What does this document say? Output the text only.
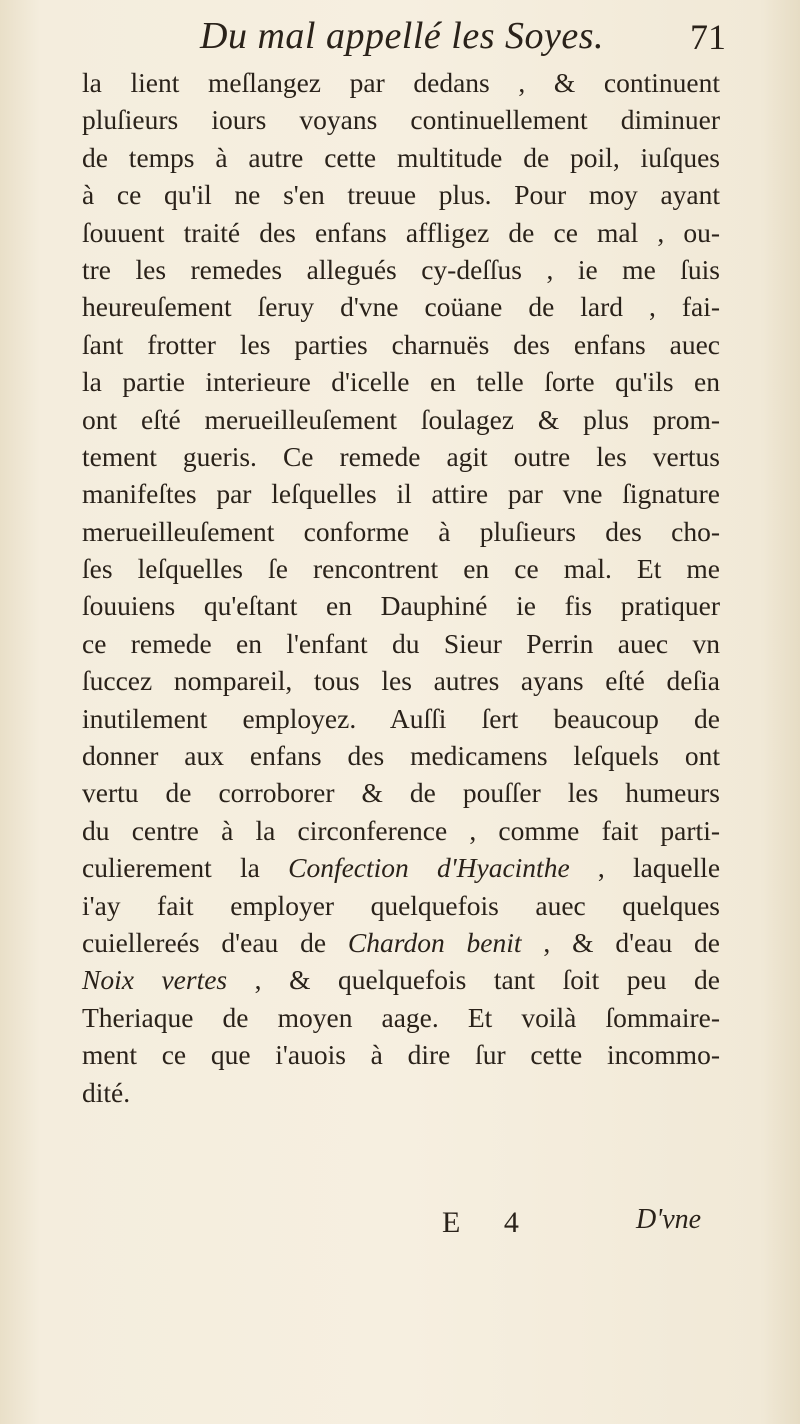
Du mal appellé les Soyes. 71
la lient meſlangez par dedans , & continuent
pluſieurs iours voyans continuellement diminuer
de temps à autre cette multitude de poil, iuſques
à ce qu'il ne s'en treuue plus. Pour moy ayant
ſouuent traité des enfans affligez de ce mal , ou-
tre les remedes allegués cy-deſſus , ie me ſuis
heureuſement ſeruy d'vne coüane de lard , fai-
ſant frotter les parties charnuës des enfans auec
la partie interieure d'icelle en telle ſorte qu'ils en
ont eſté merueilleuſement ſoulagez & plus prom-
tement gueris. Ce remede agit outre les vertus
manifeſtes par leſquelles il attire par vne ſignature
merueilleuſement conforme à pluſieurs des cho-
ſes leſquelles ſe rencontrent en ce mal. Et me
ſouuiens qu'eſtant en Dauphiné ie fis pratiquer
ce remede en l'enfant du Sieur Perrin auec vn
ſuccez nompareil, tous les autres ayans eſté deſia
inutilement employez. Auſſi ſert beaucoup de
donner aux enfans des medicamens leſquels ont
vertu de corroborer & de pouſſer les humeurs
du centre à la circonference , comme fait parti-
culierement la Confection d'Hyacinthe , laquelle
i'ay fait employer quelquefois auec quelques
cuiellereés d'eau de Chardon benit , & d'eau de
Noix vertes , & quelquefois tant ſoit peu de
Theriaque de moyen aage. Et voilà ſommaire-
ment ce que i'auois à dire ſur cette incommo-
dité.
E 4	D'vne
